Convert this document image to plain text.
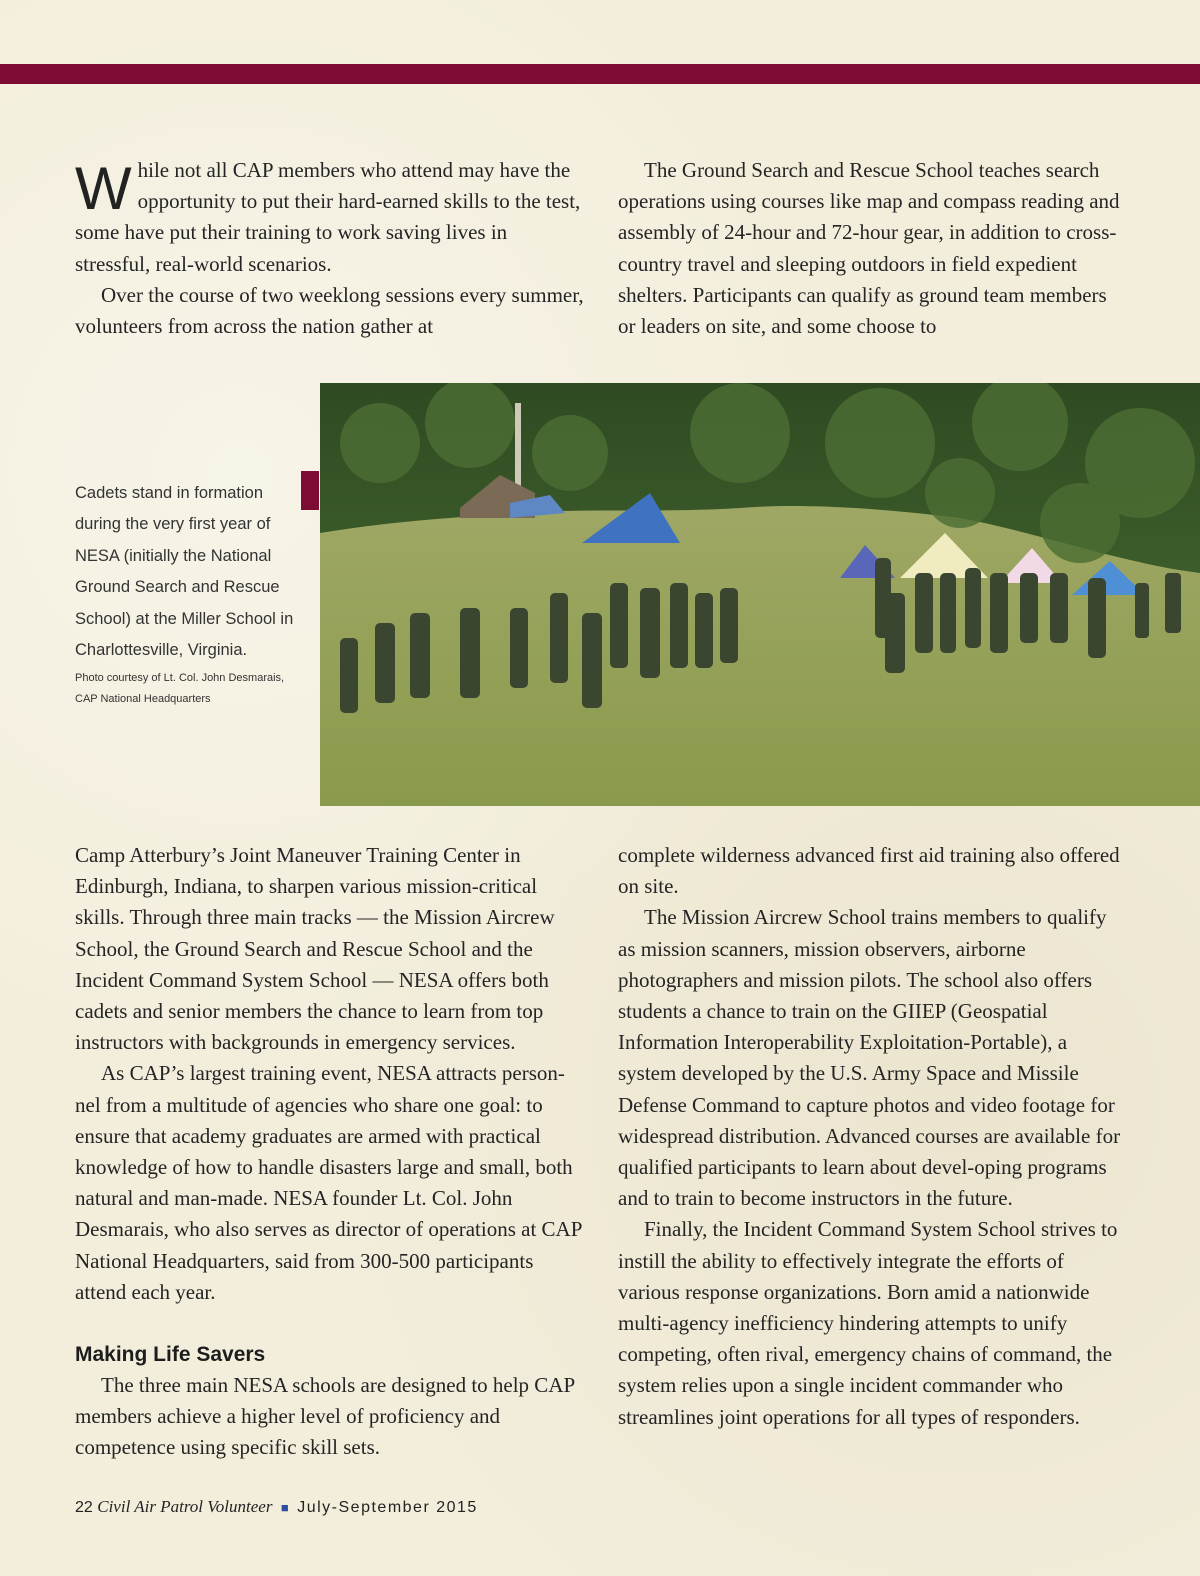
While not all CAP members who attend may have the opportunity to put their hard-earned skills to the test, some have put their training to work saving lives in stressful, real-world scenarios.

Over the course of two weeklong sessions every summer, volunteers from across the nation gather at

The Ground Search and Rescue School teaches search operations using courses like map and compass reading and assembly of 24-hour and 72-hour gear, in addition to cross-country travel and sleeping outdoors in field expedient shelters. Participants can qualify as ground team members or leaders on site, and some choose to

Cadets stand in formation during the very first year of NESA (initially the National Ground Search and Rescue School) at the Miller School in Charlottesville, Virginia.

Photo courtesy of Lt. Col. John Desmarais, CAP National Headquarters

Camp Atterbury’s Joint Maneuver Training Center in Edinburgh, Indiana, to sharpen various mission-critical skills. Through three main tracks — the Mission Aircrew School, the Ground Search and Rescue School and the Incident Command System School — NESA offers both cadets and senior members the chance to learn from top instructors with backgrounds in emergency services.

As CAP’s largest training event, NESA attracts person-nel from a multitude of agencies who share one goal: to ensure that academy graduates are armed with practical knowledge of how to handle disasters large and small, both natural and man-made. NESA founder Lt. Col. John Desmarais, who also serves as director of operations at CAP National Headquarters, said from 300-500 participants attend each year.

Making Life Savers

The three main NESA schools are designed to help CAP members achieve a higher level of proficiency and competence using specific skill sets.

complete wilderness advanced first aid training also offered on site.

The Mission Aircrew School trains members to qualify as mission scanners, mission observers, airborne photographers and mission pilots. The school also offers students a chance to train on the GIIEP (Geospatial Information Interoperability Exploitation-Portable), a system developed by the U.S. Army Space and Missile Defense Command to capture photos and video footage for widespread distribution. Advanced courses are available for qualified participants to learn about devel-oping programs and to train to become instructors in the future.

Finally, the Incident Command System School strives to instill the ability to effectively integrate the efforts of various response organizations. Born amid a nationwide multi-agency inefficiency hindering attempts to unify competing, often rival, emergency chains of command, the system relies upon a single incident commander who streamlines joint operations for all types of responders.

22 Civil Air Patrol Volunteer ■ July-September 2015
